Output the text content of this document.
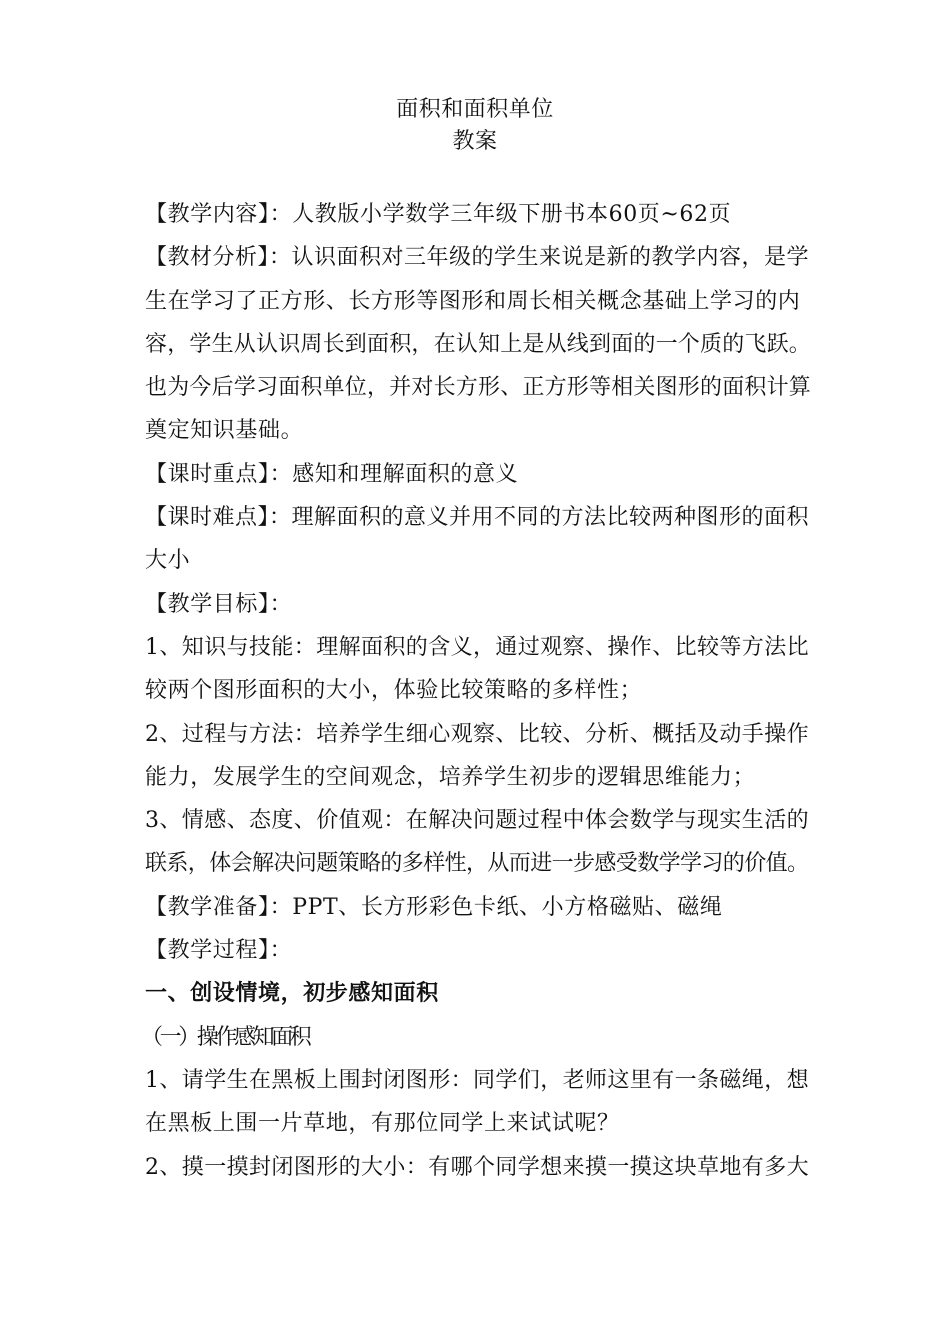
面积和面积单位
教案
【教学内容】：人教版小学数学三年级下册书本60页~62页
【教材分析】：认识面积对三年级的学生来说是新的教学内容，是学
生在学习了正方形、长方形等图形和周长相关概念基础上学习的内
容，学生从认识周长到面积，在认知上是从线到面的一个质的飞跃。
也为今后学习面积单位，并对长方形、正方形等相关图形的面积计算
奠定知识基础。
【课时重点】：感知和理解面积的意义
【课时难点】：理解面积的意义并用不同的方法比较两种图形的面积
大小
【教学目标】：
1、知识与技能：理解面积的含义，通过观察、操作、比较等方法比
较两个图形面积的大小，体验比较策略的多样性；
2、过程与方法：培养学生细心观察、比较、分析、概括及动手操作
能力，发展学生的空间观念，培养学生初步的逻辑思维能力；
3、情感、态度、价值观：在解决问题过程中体会数学与现实生活的
联系，体会解决问题策略的多样性，从而进一步感受数学学习的价值。
【教学准备】：PPT、长方形彩色卡纸、小方格磁贴、磁绳
【教学过程】：
一、创设情境，初步感知面积
（一）操作感知面积
1、请学生在黑板上围封闭图形：同学们，老师这里有一条磁绳，想
在黑板上围一片草地，有那位同学上来试试呢？
2、摸一摸封闭图形的大小：有哪个同学想来摸一摸这块草地有多大
